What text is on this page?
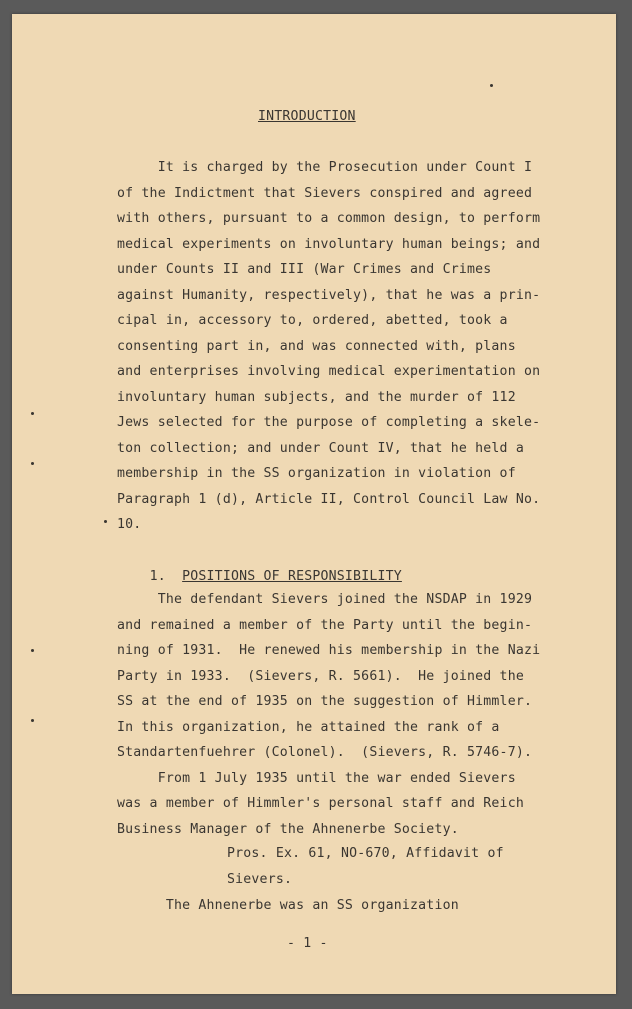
INTRODUCTION

It is charged by the Prosecution under Count I
of the Indictment that Sievers conspired and agreed
with others, pursuant to a common design, to perform
medical experiments on involuntary human beings; and
under Counts II and III (War Crimes and Crimes
against Humanity, respectively), that he was a prin-
cipal in, accessory to, ordered, abetted, took a
consenting part in, and was connected with, plans
and enterprises involving medical experimentation on
involuntary human subjects, and the murder of 112
Jews selected for the purpose of completing a skele-
ton collection; and under Count IV, that he held a
membership in the SS organization in violation of
Paragraph 1 (d), Article II, Control Council Law No.
10.

1. POSITIONS OF RESPONSIBILITY

The defendant Sievers joined the NSDAP in 1929
and remained a member of the Party until the begin-
ning of 1931.  He renewed his membership in the Nazi
Party in 1933.  (Sievers, R. 5661).  He joined the
SS at the end of 1935 on the suggestion of Himmler.
In this organization, he attained the rank of a
Standartenfuehrer (Colonel).  (Sievers, R. 5746-7).
From 1 July 1935 until the war ended Sievers
was a member of Himmler's personal staff and Reich
Business Manager of the Ahnenerbe Society.

Pros. Ex. 61, NO-670, Affidavit of
Sievers.
The Ahnenerbe was an SS organization
- 1 -
